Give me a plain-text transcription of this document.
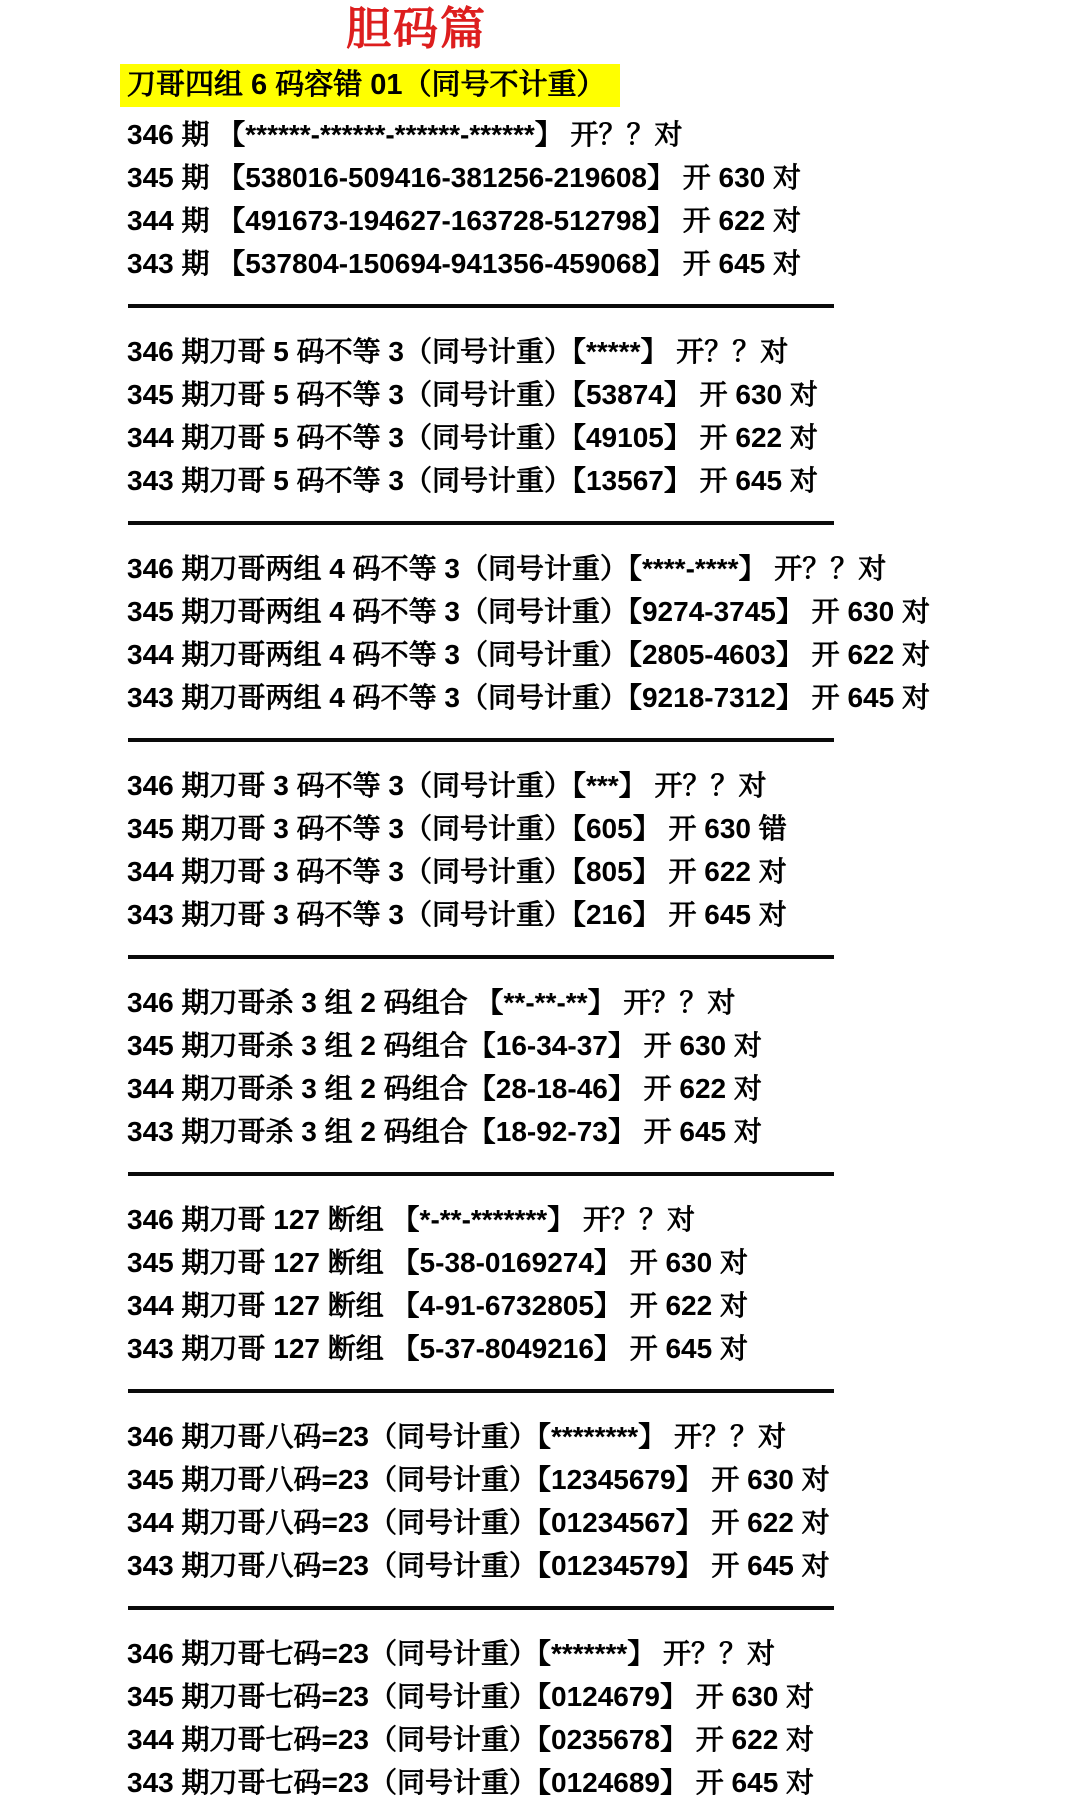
胆码篇
刀哥四组 6 码容错 01（同号不计重）
346 期 【******-******-******-******】 开？？对
345 期 【538016-509416-381256-219608】 开 630 对
344 期 【491673-194627-163728-512798】 开 622 对
343 期 【537804-150694-941356-459068】 开 645 对
346 期刀哥 5 码不等 3（同号计重）【*****】 开？？对
345 期刀哥 5 码不等 3（同号计重）【53874】 开 630 对
344 期刀哥 5 码不等 3（同号计重）【49105】 开 622 对
343 期刀哥 5 码不等 3（同号计重）【13567】 开 645 对
346 期刀哥两组 4 码不等 3（同号计重）【****-****】 开？？对
345 期刀哥两组 4 码不等 3（同号计重）【9274-3745】 开 630 对
344 期刀哥两组 4 码不等 3（同号计重）【2805-4603】 开 622 对
343 期刀哥两组 4 码不等 3（同号计重）【9218-7312】 开 645 对
346 期刀哥 3 码不等 3（同号计重）【***】 开？？对
345 期刀哥 3 码不等 3（同号计重）【605】 开 630 错
344 期刀哥 3 码不等 3（同号计重）【805】 开 622 对
343 期刀哥 3 码不等 3（同号计重）【216】 开 645 对
346 期刀哥杀 3 组 2 码组合 【**-**-**】 开？？对
345 期刀哥杀 3 组 2 码组合【16-34-37】 开 630 对
344 期刀哥杀 3 组 2 码组合【28-18-46】 开 622 对
343 期刀哥杀 3 组 2 码组合【18-92-73】 开 645 对
346 期刀哥 127 断组 【*-**-*******】 开？？对
345 期刀哥 127 断组 【5-38-0169274】 开 630 对
344 期刀哥 127 断组 【4-91-6732805】 开 622 对
343 期刀哥 127 断组 【5-37-8049216】 开 645 对
346 期刀哥八码=23（同号计重）【********】 开？？对
345 期刀哥八码=23（同号计重）【12345679】 开 630 对
344 期刀哥八码=23（同号计重）【01234567】 开 622 对
343 期刀哥八码=23（同号计重）【01234579】 开 645 对
346 期刀哥七码=23（同号计重）【*******】 开？？对
345 期刀哥七码=23（同号计重）【0124679】 开 630 对
344 期刀哥七码=23（同号计重）【0235678】 开 622 对
343 期刀哥七码=23（同号计重）【0124689】 开 645 对
